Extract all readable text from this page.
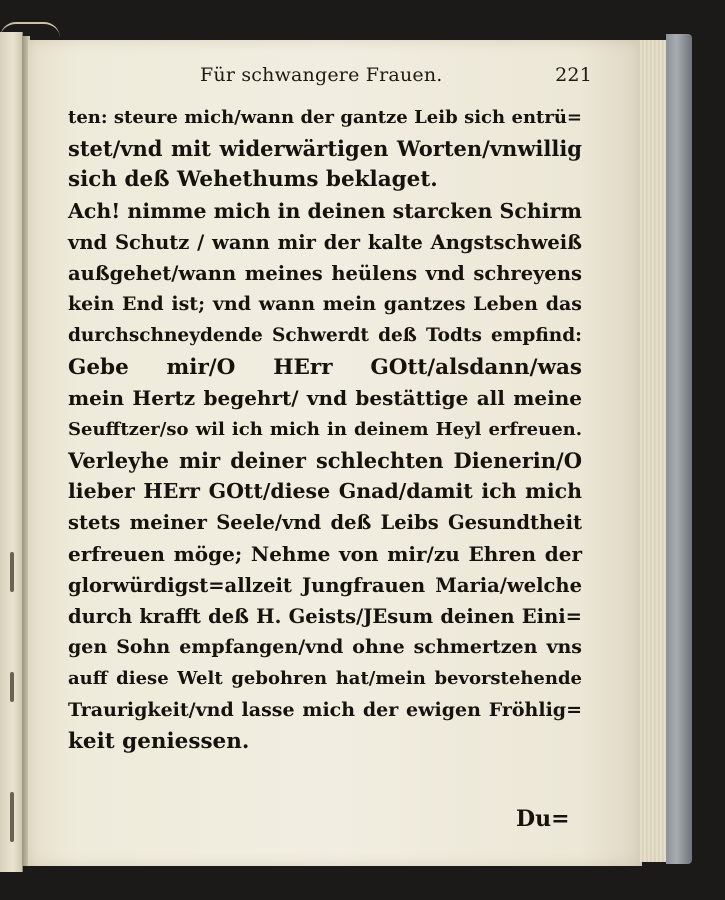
Für schwangere Frauen.	221
ten: steure mich/wann der gantze Leib sich entrü=
stet/vnd mit widerwärtigen Worten/vnwillig
sich deß Wehethums beklaget.
Ach! nimme mich in deinen starcken Schirm
vnd Schutz / wann mir der kalte Angstschweiß
außgehet/wann meines heülens vnd schreyens
kein End ist; vnd wann mein gantzes Leben das
durchschneydende Schwerdt deß Todts empfind:
Gebe mir/O HErr GOtt/alsdann/was
mein Hertz begehrt/ vnd bestättige all meine
Seufftzer/so wil ich mich in deinem Heyl erfreuen.
Verleyhe mir deiner schlechten Dienerin/O
lieber HErr GOtt/diese Gnad/damit ich mich
stets meiner Seele/vnd deß Leibs Gesundtheit
erfreuen möge; Nehme von mir/zu Ehren der
glorwürdigst=allzeit Jungfrauen Maria/welche
durch krafft deß H. Geists/JEsum deinen Eini=
gen Sohn empfangen/vnd ohne schmertzen vns
auff diese Welt gebohren hat/mein bevorstehende
Traurigkeit/vnd lasse mich der ewigen Fröhlig=
keit geniessen.
Du=
